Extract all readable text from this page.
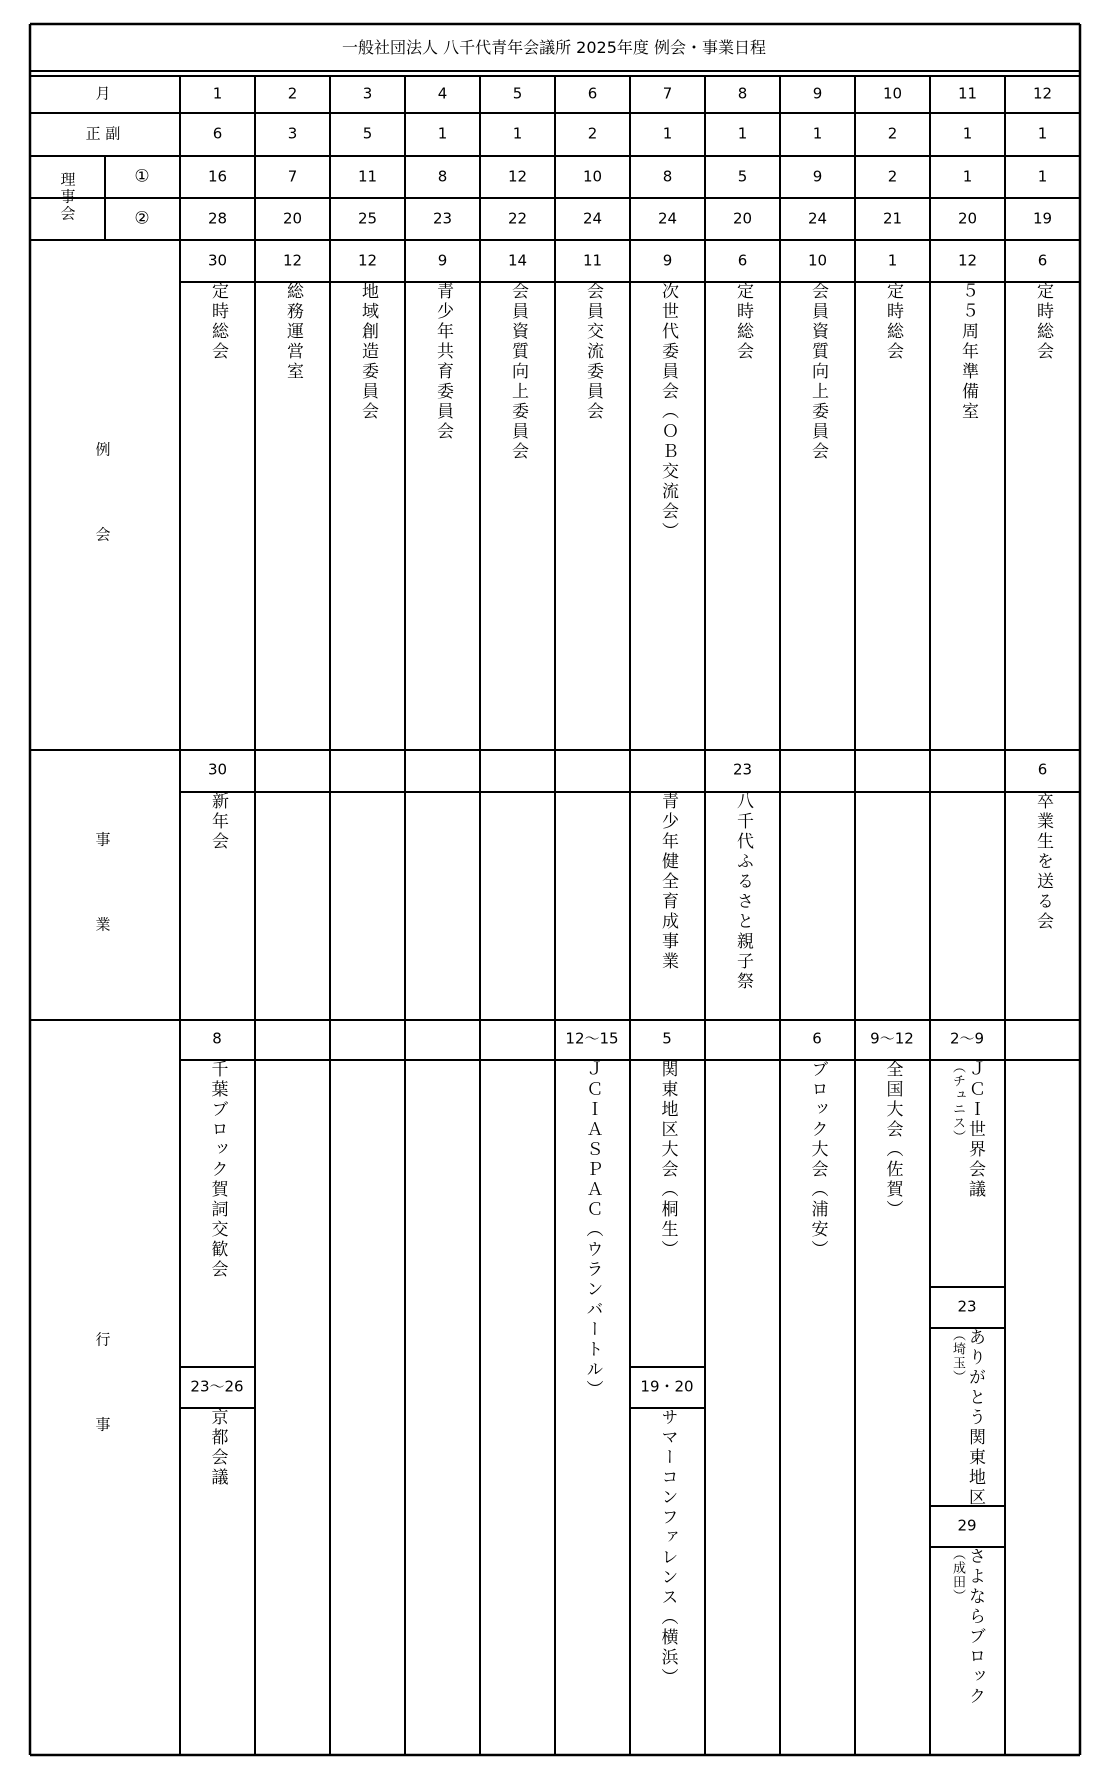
一般社団法人 八千代青年会議所 2025年度 例会・事業日程
月
正 副
理
事
会
①
②
例
会
事
業
行
事
8
千葉ブロック賀詞交歓会
23～26
京都会議
12～15
ＪＣＩＡＳＰＡＣ（ウランバートル）
5
関東地区大会（桐生）
19・20
サマーコンファレンス（横浜）
6
ブロック大会（浦安）
9～12
全国大会（佐賀）
2～9
ＪＣＩ世界会議
（チュニス）
23
ありがとう関東地区
（埼玉）
29
さよならブロック
（成田）
1
6
16
28
30
定時総会
30
新年会
2
3
7
20
12
総務運営室
3
5
11
25
12
地域創造委員会
4
1
8
23
9
青少年共育委員会
5
1
12
22
14
会員資質向上委員会
6
2
10
24
11
会員交流委員会
7
1
8
24
9
次世代委員会（ＯＢ交流会）
青少年健全育成事業
8
1
5
20
6
定時総会
23
八千代ふるさと親子祭
9
1
9
24
10
会員資質向上委員会
10
2
2
21
1
定時総会
11
1
1
20
12
５５周年準備室
12
1
1
19
6
定時総会
6
卒業生を送る会
